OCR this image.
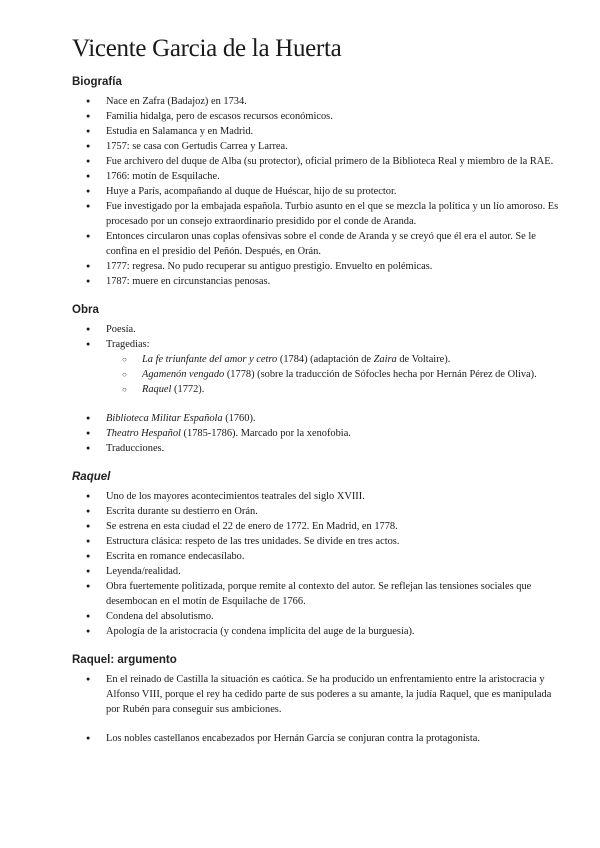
Vicente Garcia de la Huerta
Biografía
● Nace en Zafra (Badajoz) en 1734.
● Familia hidalga, pero de escasos recursos económicos.
● Estudia en Salamanca y en Madrid.
● 1757: se casa con Gertudis Carrea y Larrea.
● Fue archivero del duque de Alba (su protector), oficial primero de la Biblioteca Real y miembro de la RAE.
● 1766: motín de Esquilache.
● Huye a París, acompañando al duque de Huéscar, hijo de su protector.
● Fue investigado por la embajada española. Turbio asunto en el que se mezcla la política y un lío amoroso. Es procesado por un consejo extraordinario presidido por el conde de Aranda.
● Entonces circularon unas coplas ofensivas sobre el conde de Aranda y se creyó que él era el autor. Se le confina en el presidio del Peñón. Después, en Orán.
● 1777: regresa. No pudo recuperar su antiguo prestigio. Envuelto en polémicas.
● 1787: muere en circunstancias penosas.
Obra
● Poesía.
● Tragedias:
○ La fe triunfante del amor y cetro (1784) (adaptación de Zaira de Voltaire).
○ Agamenón vengado (1778) (sobre la traducción de Sófocles hecha por Hernán Pérez de Oliva).
○ Raquel (1772).
● Biblioteca Militar Española (1760).
● Theatro Hespañol (1785-1786). Marcado por la xenofobia.
● Traducciones.
Raquel
● Uno de los mayores acontecimientos teatrales del siglo XVIII.
● Escrita durante su destierro en Orán.
● Se estrena en esta ciudad el 22 de enero de 1772. En Madrid, en 1778.
● Estructura clásica: respeto de las tres unidades. Se divide en tres actos.
● Escrita en romance endecasílabo.
● Leyenda/realidad.
● Obra fuertemente politizada, porque remite al contexto del autor. Se reflejan las tensiones sociales que desembocan en el motín de Esquilache de 1766.
● Condena del absolutismo.
● Apología de la aristocracia (y condena implícita del auge de la burguesía).
Raquel: argumento
● En el reinado de Castilla la situación es caótica. Se ha producido un enfrentamiento entre la aristocracia y Alfonso VIII, porque el rey ha cedido parte de sus poderes a su amante, la judía Raquel, que es manipulada por Rubén para conseguir sus ambiciones.
● Los nobles castellanos encabezados por Hernán García se conjuran contra la protagonista.
